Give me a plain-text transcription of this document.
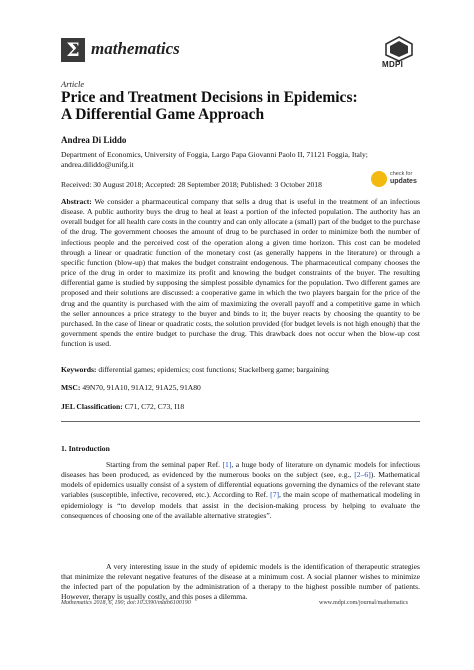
Σ mathematics
MDPI
Article
Price and Treatment Decisions in Epidemics:
A Differential Game Approach
Andrea Di Liddo
Department of Economics, University of Foggia, Largo Papa Giovanni Paolo II, 71121 Foggia, Italy;
andrea.diliddo@unifg.it
Received: 30 August 2018; Accepted: 28 September 2018; Published: 3 October 2018
check for
updates
Abstract: We consider a pharmaceutical company that sells a drug that is useful in the treatment of an infectious disease. A public authority buys the drug to heal at least a portion of the infected population. The authority has an overall budget for all health care costs in the country and can only allocate a (small) part of the budget to the purchase of the drug. The government chooses the amount of drug to be purchased in order to minimize both the number of infectious people and the perceived cost of the operation along a given time horizon. This cost can be modeled through a linear or quadratic function of the monetary cost (as generally happens in the literature) or through a specific function (blow-up) that makes the budget constraint endogenous. The pharmaceutical company chooses the price of the drug in order to maximize its profit and knowing the budget constraints of the buyer. The resulting differential game is studied by supposing the simplest possible dynamics for the population. Two different games are proposed and their solutions are discussed: a cooperative game in which the two players bargain for the price of the drug and the quantity is purchased with the aim of maximizing the overall payoff and a competitive game in which the seller announces a price strategy to the buyer and binds to it; the buyer reacts by choosing the quantity to be purchased. In the case of linear or quadratic costs, the solution provided (for budget levels is not high enough) that the government spends the entire budget to purchase the drug. This drawback does not occur when the blow-up cost function is used.
Keywords: differential games; epidemics; cost functions; Stackelberg game; bargaining
MSC: 49N70, 91A10, 91A12, 91A25, 91A80
JEL Classification: C71, C72, C73, I18
1. Introduction
Starting from the seminal paper Ref. [1], a huge body of literature on dynamic models for infectious diseases has been produced, as evidenced by the numerous books on the subject (see, e.g., [2–6]). Mathematical models of epidemics usually consist of a system of differential equations governing the dynamics of the relevant state variables (susceptible, infective, recovered, etc.). According to Ref. [7], the main scope of mathematical modeling in epidemiology is “to develop models that assist in the decision-making process by helping to evaluate the consequences of choosing one of the available alternative strategies”.
A very interesting issue in the study of epidemic models is the identification of therapeutic strategies that minimize the relevant negative features of the disease at a minimum cost. A social planner wishes to minimize the infected part of the population by the administration of a therapy to the highest possible number of patients. However, therapy is usually costly, and this poses a dilemma.
Mathematics 2018, 6, 190; doi:10.3390/math6100190	www.mdpi.com/journal/mathematics
